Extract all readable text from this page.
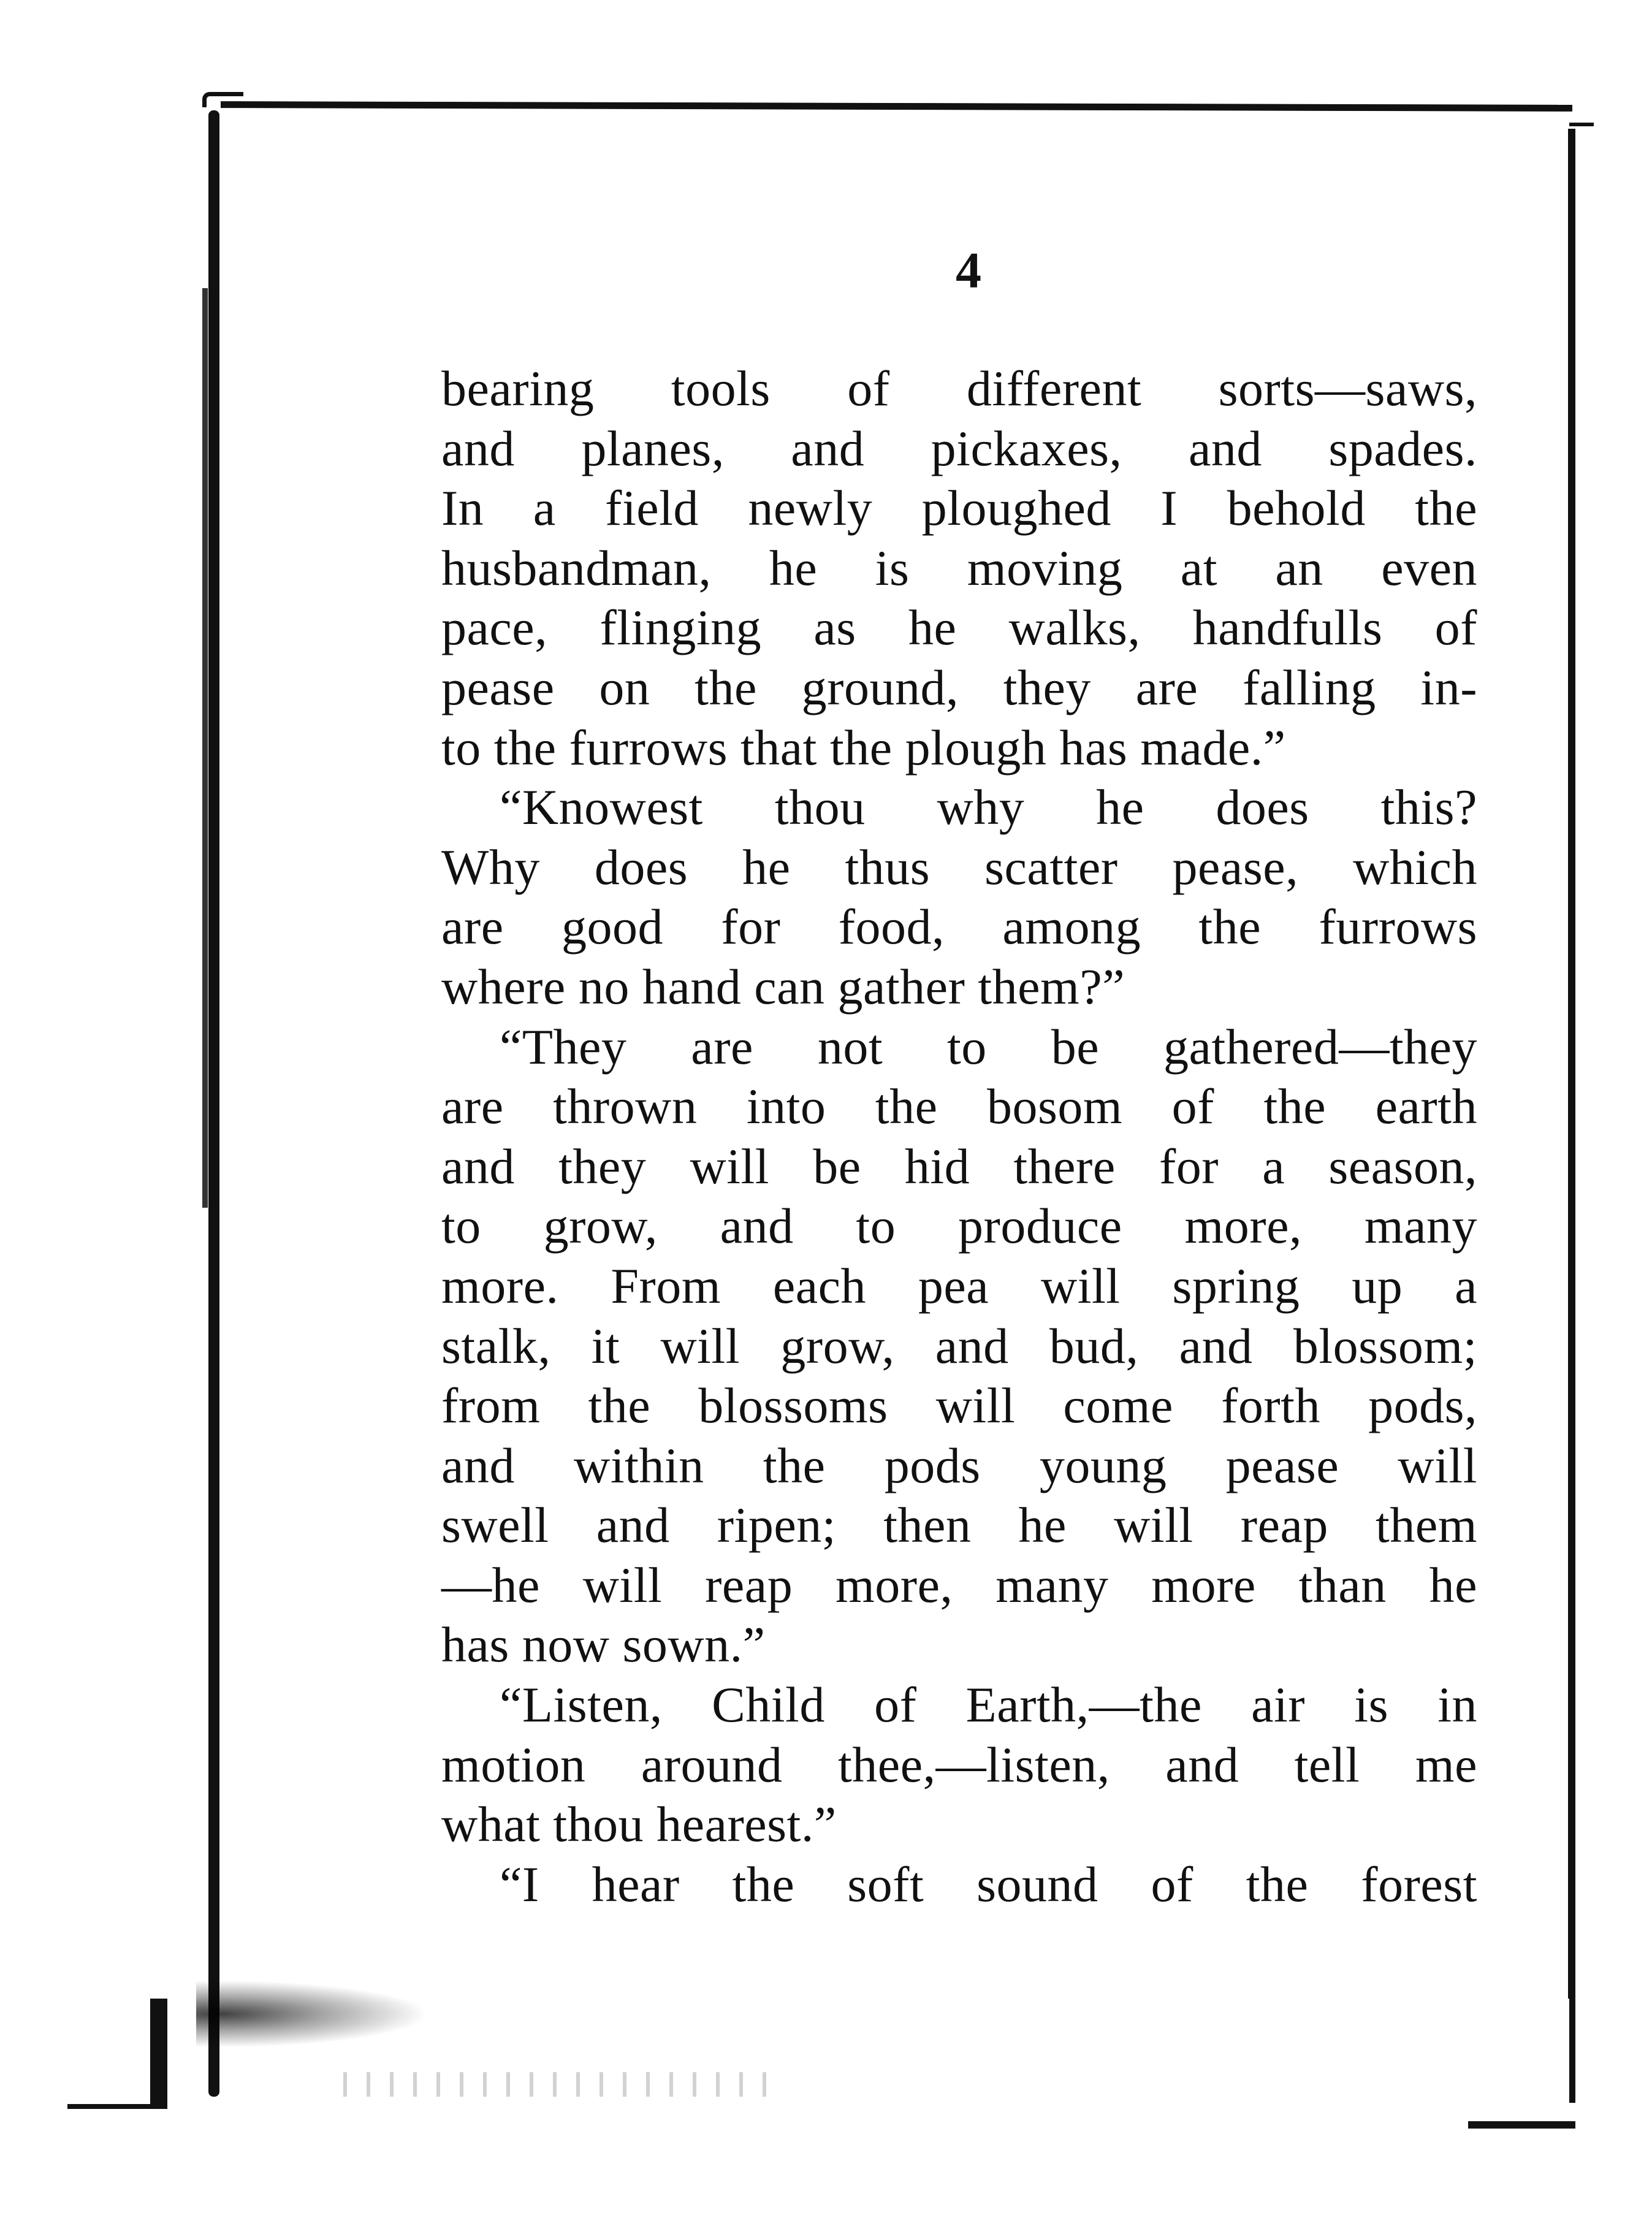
4
bearing tools of different sorts—saws,
and planes, and pickaxes, and spades.
In a field newly ploughed I behold the
husbandman, he is moving at an even
pace, flinging as he walks, handfulls of
pease on the ground, they are falling in-
to the furrows that the plough has made.”
“Knowest thou why he does this?
Why does he thus scatter pease, which
are good for food, among the furrows
where no hand can gather them?”
“They are not to be gathered—they
are thrown into the bosom of the earth
and they will be hid there for a season,
to grow, and to produce more, many
more. From each pea will spring up a
stalk, it will grow, and bud, and blossom;
from the blossoms will come forth pods,
and within the pods young pease will
swell and ripen; then he will reap them
—he will reap more, many more than he
has now sown.”
“Listen, Child of Earth,—the air is in
motion around thee,—listen, and tell me
what thou hearest.”
“I hear the soft sound of the forest
